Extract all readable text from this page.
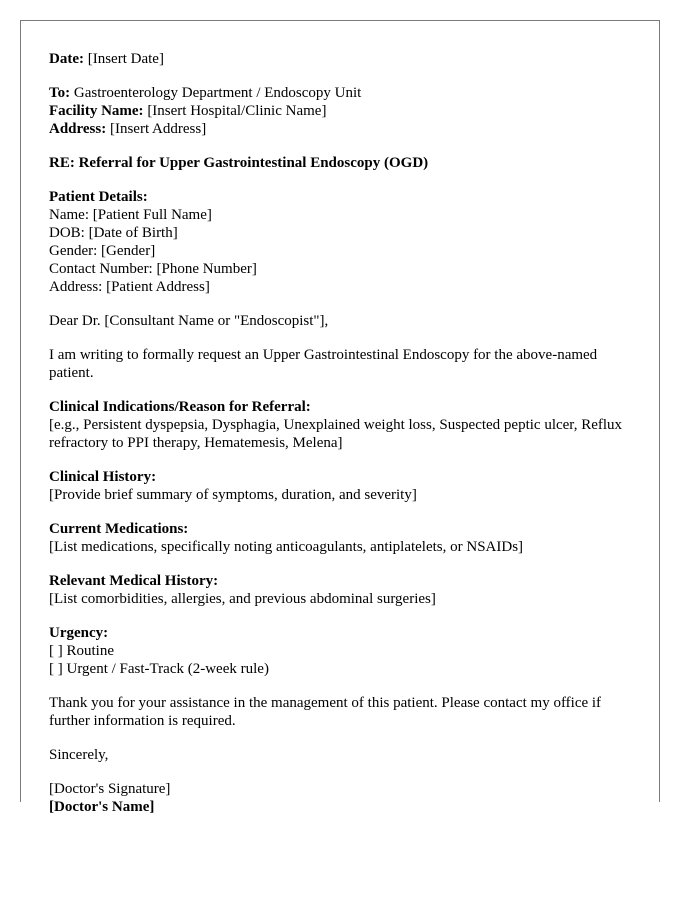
Date: [Insert Date]

To: Gastroenterology Department / Endoscopy Unit
Facility Name: [Insert Hospital/Clinic Name]
Address: [Insert Address]

RE: Referral for Upper Gastrointestinal Endoscopy (OGD)

Patient Details:
Name: [Patient Full Name]
DOB: [Date of Birth]
Gender: [Gender]
Contact Number: [Phone Number]
Address: [Patient Address]

Dear Dr. [Consultant Name or "Endoscopist"],

I am writing to formally request an Upper Gastrointestinal Endoscopy for the above-named patient.

Clinical Indications/Reason for Referral:
[e.g., Persistent dyspepsia, Dysphagia, Unexplained weight loss, Suspected peptic ulcer, Reflux refractory to PPI therapy, Hematemesis, Melena]

Clinical History:
[Provide brief summary of symptoms, duration, and severity]

Current Medications:
[List medications, specifically noting anticoagulants, antiplatelets, or NSAIDs]

Relevant Medical History:
[List comorbidities, allergies, and previous abdominal surgeries]

Urgency:
[ ] Routine
[ ] Urgent / Fast-Track (2-week rule)

Thank you for your assistance in the management of this patient. Please contact my office if further information is required.

Sincerely,

[Doctor's Signature]
[Doctor's Name]
